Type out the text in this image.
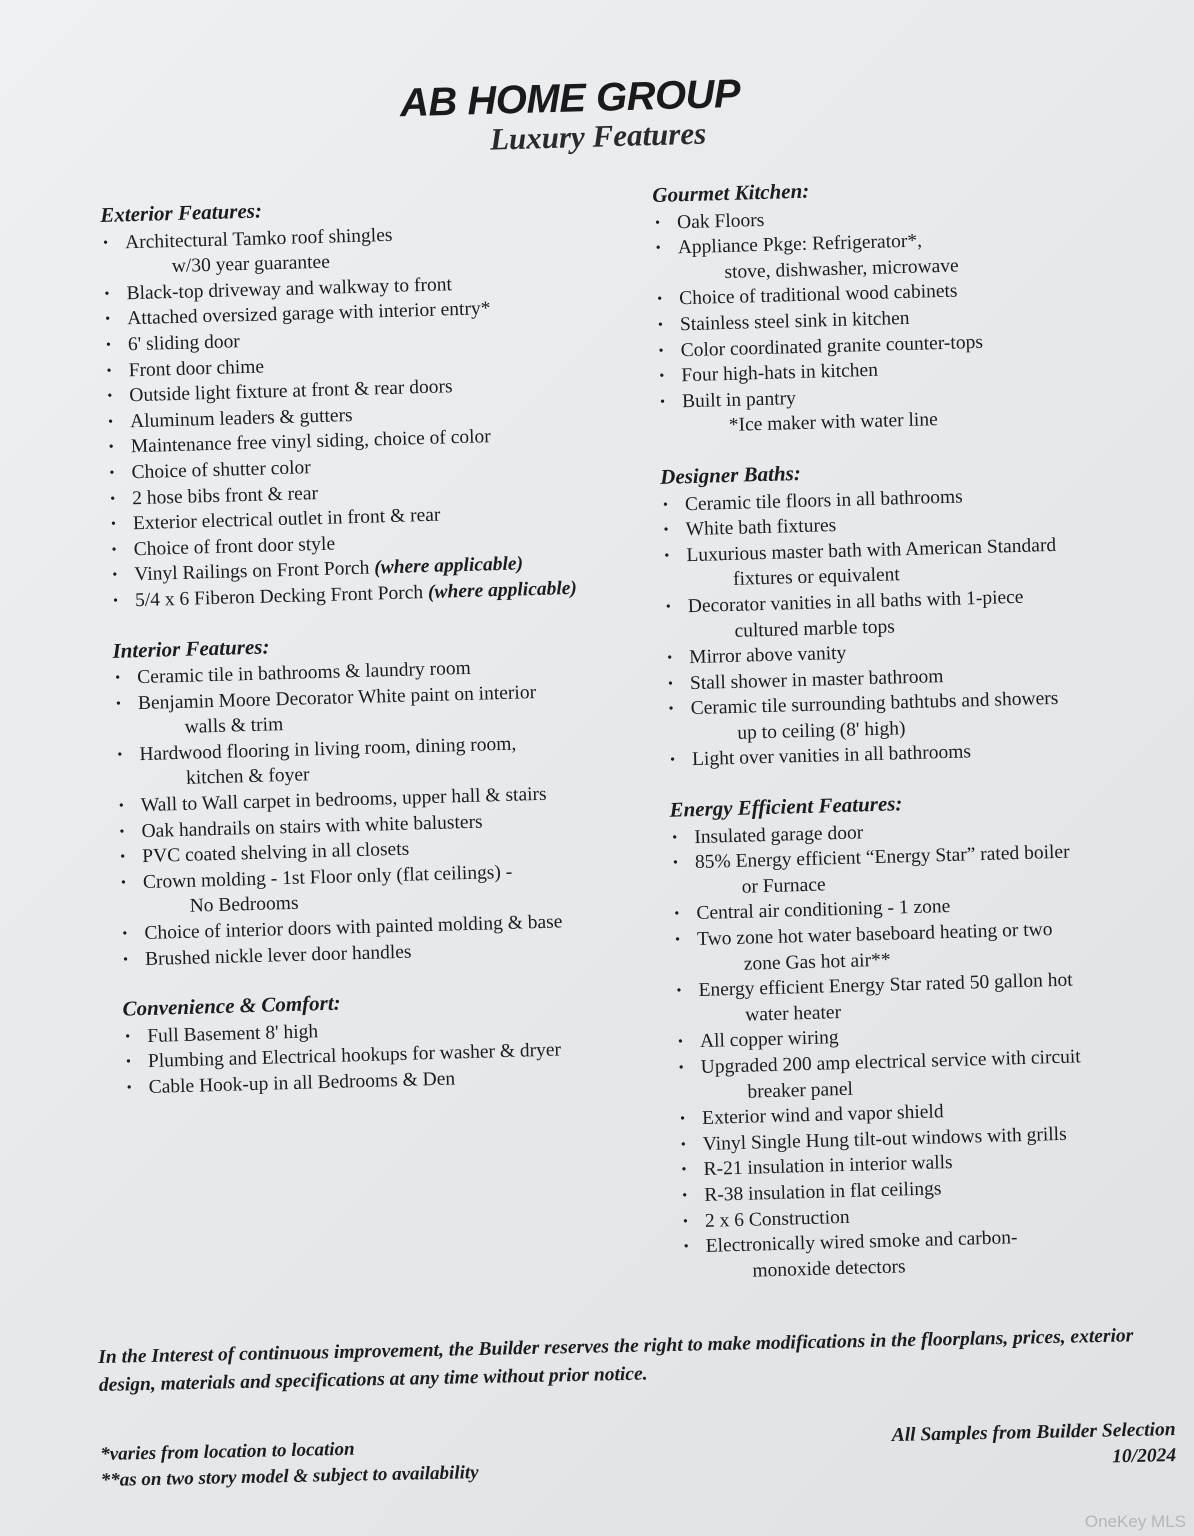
AB HOME GROUP
Luxury Features
Exterior Features:
• Architectural Tamko roof shingles
w/30 year guarantee
• Black-top driveway and walkway to front
• Attached oversized garage with interior entry*
• 6' sliding door
• Front door chime
• Outside light fixture at front & rear doors
• Aluminum leaders & gutters
• Maintenance free vinyl siding, choice of color
• Choice of shutter color
• 2 hose bibs front & rear
• Exterior electrical outlet in front & rear
• Choice of front door style
• Vinyl Railings on Front Porch (where applicable)
• 5/4 x 6 Fiberon Decking Front Porch (where applicable)
Interior Features:
• Ceramic tile in bathrooms & laundry room
• Benjamin Moore Decorator White paint on interior
walls & trim
• Hardwood flooring in living room, dining room,
kitchen & foyer
• Wall to Wall carpet in bedrooms, upper hall & stairs
• Oak handrails on stairs with white balusters
• PVC coated shelving in all closets
• Crown molding - 1st Floor only (flat ceilings) -
No Bedrooms
• Choice of interior doors with painted molding & base
• Brushed nickle lever door handles
Convenience & Comfort:
• Full Basement 8' high
• Plumbing and Electrical hookups for washer & dryer
• Cable Hook-up in all Bedrooms & Den
Gourmet Kitchen:
• Oak Floors
• Appliance Pkge: Refrigerator*,
stove, dishwasher, microwave
• Choice of traditional wood cabinets
• Stainless steel sink in kitchen
• Color coordinated granite counter-tops
• Four high-hats in kitchen
• Built in pantry
*Ice maker with water line
Designer Baths:
• Ceramic tile floors in all bathrooms
• White bath fixtures
• Luxurious master bath with American Standard
fixtures or equivalent
• Decorator vanities in all baths with 1-piece
cultured marble tops
• Mirror above vanity
• Stall shower in master bathroom
• Ceramic tile surrounding bathtubs and showers
up to ceiling (8' high)
• Light over vanities in all bathrooms
Energy Efficient Features:
• Insulated garage door
• 85% Energy efficient “Energy Star” rated boiler
or Furnace
• Central air conditioning - 1 zone
• Two zone hot water baseboard heating or two
zone Gas hot air**
• Energy efficient Energy Star rated 50 gallon hot
water heater
• All copper wiring
• Upgraded 200 amp electrical service with circuit
breaker panel
• Exterior wind and vapor shield
• Vinyl Single Hung tilt-out windows with grills
• R-21 insulation in interior walls
• R-38 insulation in flat ceilings
• 2 x 6 Construction
• Electronically wired smoke and carbon-
monoxide detectors
In the Interest of continuous improvement, the Builder reserves the right to make modifications in the floorplans, prices, exterior design, materials and specifications at any time without prior notice.
All Samples from Builder Selection
10/2024
*varies from location to location
**as on two story model & subject to availability
OneKey MLS
